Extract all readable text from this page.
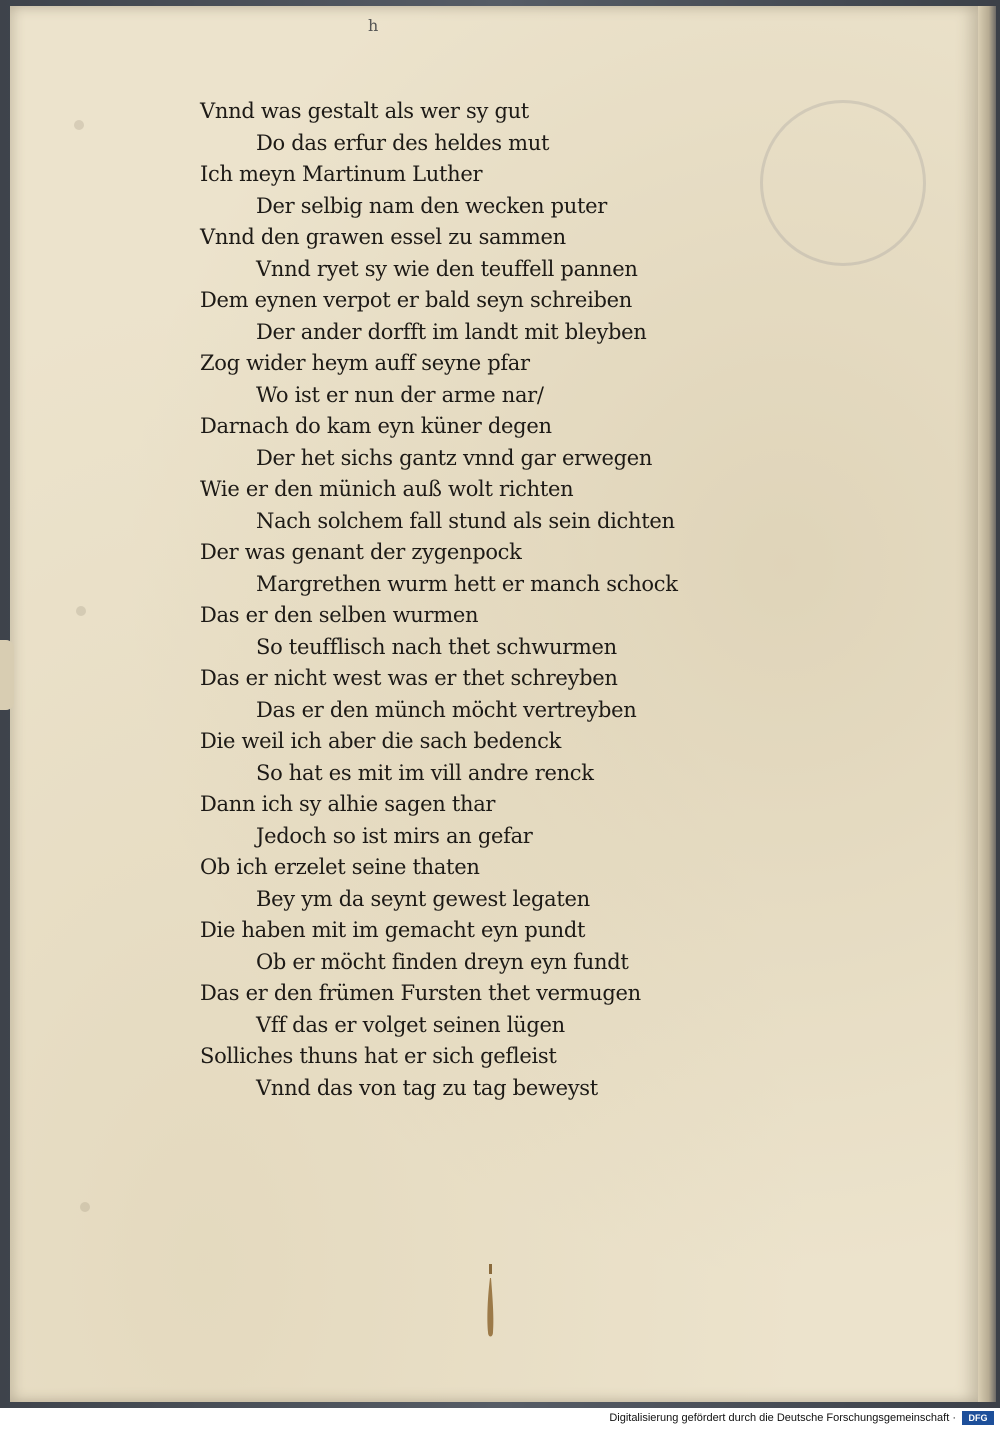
h
Vnnd was gestalt als wer sy gut
Do das erfur des heldes mut
Ich meyn Martinum Luther
Der selbig nam den wecken puter
Vnnd den grawen essel zu sammen
Vnnd ryet sy wie den teuffell pannen
Dem eynen verpot er bald seyn schreiben
Der ander dorfft im landt mit bleyben
Zog wider heym auff seyne pfar
Wo ist er nun der arme nar/
Darnach do kam eyn küner degen
Der het sichs gantz vnnd gar erwegen
Wie er den münich auß wolt richten
Nach solchem fall stund als sein dichten
Der was genant der zygenpock
Margrethen wurm hett er manch schock
Das er den selben wurmen
So teufflisch nach thet schwurmen
Das er nicht west was er thet schreyben
Das er den münch möcht vertreyben
Die weil ich aber die sach bedenck
So hat es mit im vill andre renck
Dann ich sy alhie sagen thar
Jedoch so ist mirs an gefar
Ob ich erzelet seine thaten
Bey ym da seynt gewest legaten
Die haben mit im gemacht eyn pundt
Ob er möcht finden dreyn eyn fundt
Das er den frümen Fursten thet vermugen
Vff das er volget seinen lügen
Solliches thuns hat er sich gefleist
Vnnd das von tag zu tag beweyst
Digitalisierung gefördert durch die Deutsche Forschungsgemeinschaft ·	DFG
